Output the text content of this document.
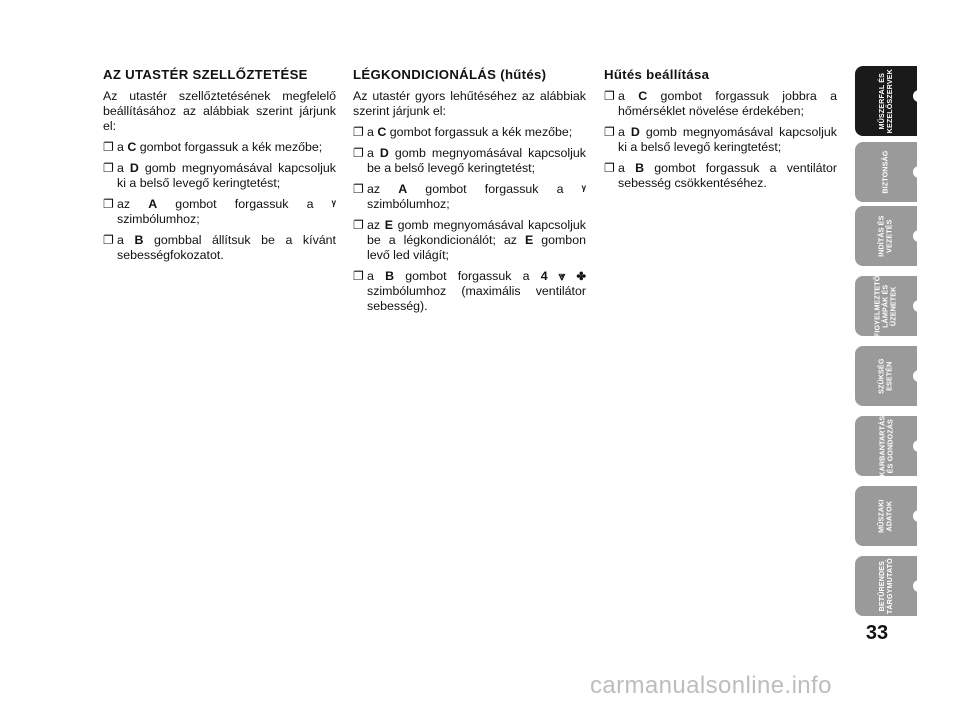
AZ UTASTÉR SZELLŐZTETÉSE

Az utastér szellőztetésének megfelelő beállításához az alábbiak szerint járjunk el:

❐ a C gombot forgassuk a kék mezőbe;
❐ a D gomb megnyomásával kapcsoljuk ki a belső levegő keringtetést;
❐ az A gombot forgassuk a ᵞ szimbólumhoz;
❐ a B gombbal állítsuk be a kívánt sebességfokozatot.
LÉGKONDICIONÁLÁS (hűtés)

Az utastér gyors lehűtéséhez az alábbiak szerint járjunk el:

❐ a C gombot forgassuk a kék mezőbe;
❐ a D gomb megnyomásával kapcsoljuk be a belső levegő keringtetést;
❐ az A gombot forgassuk a ᵞ szimbólumhoz;
❐ az E gomb megnyomásával kapcsoljuk be a légkondicionálót; az E gombon levő led világít;
❐ a B gombot forgassuk a 4 ⩔ ✤ szimbólumhoz (maximális ventilátor sebesség).
Hűtés beállítása
❐ a C gombot forgassuk jobbra a hőmérséklet növelése érdekében;
❐ a D gomb megnyomásával kapcsoljuk ki a belső levegő keringtetést;
❐ a B gombot forgassuk a ventilátor sebesség csökkentéséhez.
MŰSZERFAL ÉS
KEZELŐSZERVEK
BIZTONSÁG
INDÍTÁS ÉS
VEZETÉS
FIGYELMEZTETŐ
LÁMPÁK ÉS
ÜZENETEK
SZÜKSÉG
ESETÉN
KARBANTARTÁS
ÉS GONDOZÁS
MŰSZAKI
ADATOK
BETŰRENDES
TÁRGYMUTATÓ
33
carmanualsonline.info
